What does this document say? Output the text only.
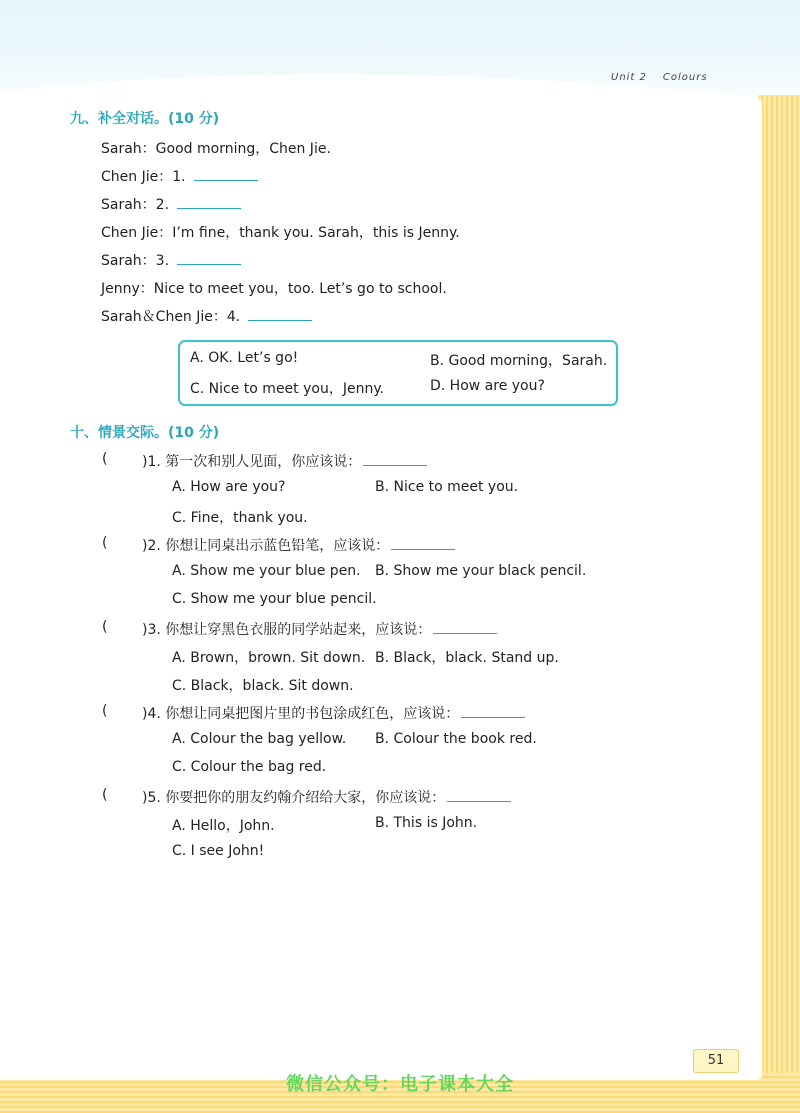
Unit 2 Colours
九、补全对话。(10 分)
Sarah：Good morning，Chen Jie.
Chen Jie：1.
Sarah：2.
Chen Jie：I’m fine，thank you. Sarah，this is Jenny.
Sarah：3.
Jenny：Nice to meet you，too. Let’s go to school.
Sarah＆Chen Jie：4.
A. OK. Let’s go!	B. Good morning，Sarah.
C. Nice to meet you，Jenny.	D. How are you?
十、情景交际。(10 分)
( )1. 第一次和别人见面，你应该说：
A. How are you?	B. Nice to meet you.
C. Fine，thank you.
( )2. 你想让同桌出示蓝色铅笔，应该说：
A. Show me your blue pen. B. Show me your black pencil.
C. Show me your blue pencil.
( )3. 你想让穿黑色衣服的同学站起来，应该说：
A. Brown，brown. Sit down. B. Black，black. Stand up.
C. Black，black. Sit down.
( )4. 你想让同桌把图片里的书包涂成红色，应该说：
A. Colour the bag yellow. B. Colour the book red.
C. Colour the bag red.
( )5. 你要把你的朋友约翰介绍给大家，你应该说：
A. Hello，John.	B. This is John.
C. I see John!
51
微信公众号：电子课本大全
